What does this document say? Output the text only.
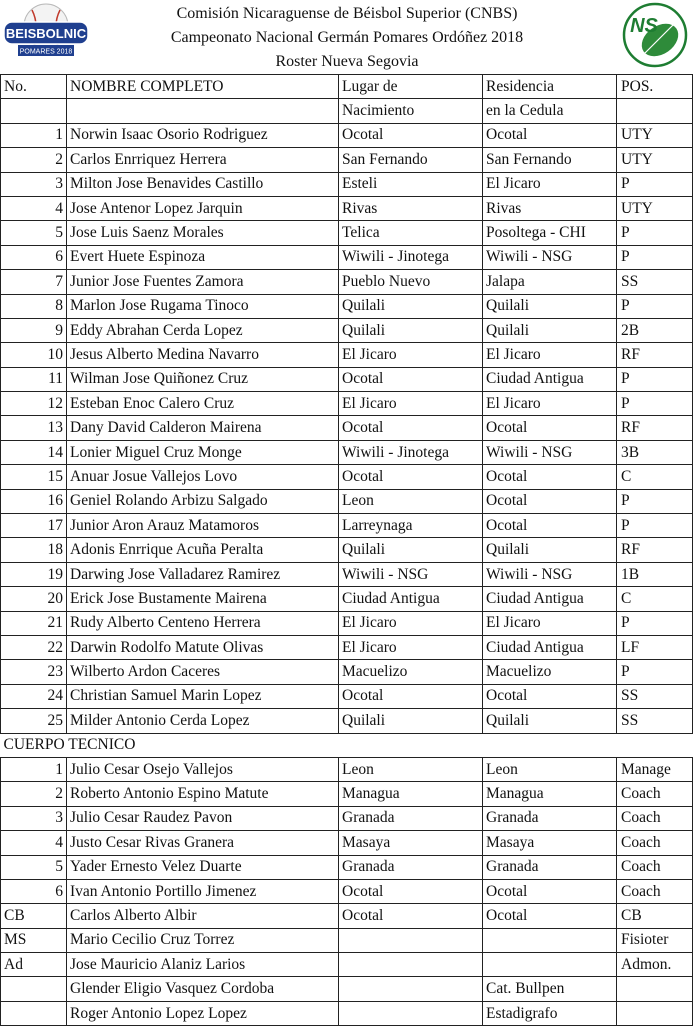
BEISBOLNIC
POMARES 2018
NS
Comisión Nicaraguense de Béisbol Superior (CNBS)
Campeonato Nacional Germán Pomares Ordóñez 2018
Roster Nueva Segovia
No.	NOMBRE COMPLETO	Lugar de	Residencia	POS.
		Nacimiento	en la Cedula	
1	Norwin Isaac Osorio Rodriguez	Ocotal	Ocotal	UTY
2	Carlos Enrriquez Herrera	San Fernando	San Fernando	UTY
3	Milton Jose Benavides Castillo	Esteli	El Jicaro	P
4	Jose Antenor Lopez Jarquin	Rivas	Rivas	UTY
5	Jose Luis Saenz Morales	Telica	Posoltega - CHI	P
6	Evert Huete Espinoza	Wiwili - Jinotega	Wiwili - NSG	P
7	Junior Jose Fuentes Zamora	Pueblo Nuevo	Jalapa	SS
8	Marlon Jose Rugama Tinoco	Quilali	Quilali	P
9	Eddy Abrahan Cerda Lopez	Quilali	Quilali	2B
10	Jesus Alberto Medina Navarro	El Jicaro	El Jicaro	RF
11	Wilman Jose Quiñonez Cruz	Ocotal	Ciudad Antigua	P
12	Esteban Enoc Calero Cruz	El Jicaro	El Jicaro	P
13	Dany David Calderon Mairena	Ocotal	Ocotal	RF
14	Lonier Miguel Cruz Monge	Wiwili - Jinotega	Wiwili - NSG	3B
15	Anuar Josue Vallejos Lovo	Ocotal	Ocotal	C
16	Geniel Rolando Arbizu Salgado	Leon	Ocotal	P
17	Junior Aron Arauz Matamoros	Larreynaga	Ocotal	P
18	Adonis Enrrique Acuña Peralta	Quilali	Quilali	RF
19	Darwing Jose Valladarez Ramirez	Wiwili - NSG	Wiwili - NSG	1B
20	Erick Jose Bustamente Mairena	Ciudad Antigua	Ciudad Antigua	C
21	Rudy Alberto Centeno Herrera	El Jicaro	El Jicaro	P
22	Darwin Rodolfo Matute Olivas	El Jicaro	Ciudad Antigua	LF
23	Wilberto Ardon Caceres	Macuelizo	Macuelizo	P
24	Christian Samuel Marin Lopez	Ocotal	Ocotal	SS
25	Milder Antonio Cerda Lopez	Quilali	Quilali	SS
CUERPO TECNICO				
1	Julio Cesar Osejo Vallejos	Leon	Leon	Manage
2	Roberto Antonio Espino Matute	Managua	Managua	Coach
3	Julio Cesar Raudez Pavon	Granada	Granada	Coach
4	Justo Cesar Rivas Granera	Masaya	Masaya	Coach
5	Yader Ernesto Velez Duarte	Granada	Granada	Coach
6	Ivan Antonio Portillo Jimenez	Ocotal	Ocotal	Coach
CB	Carlos Alberto Albir	Ocotal	Ocotal	CB
MS	Mario Cecilio Cruz Torrez			Fisioter
Ad	Jose Mauricio Alaniz Larios			Admon.
	Glender Eligio Vasquez Cordoba		Cat. Bullpen	
	Roger Antonio Lopez Lopez		Estadigrafo	
